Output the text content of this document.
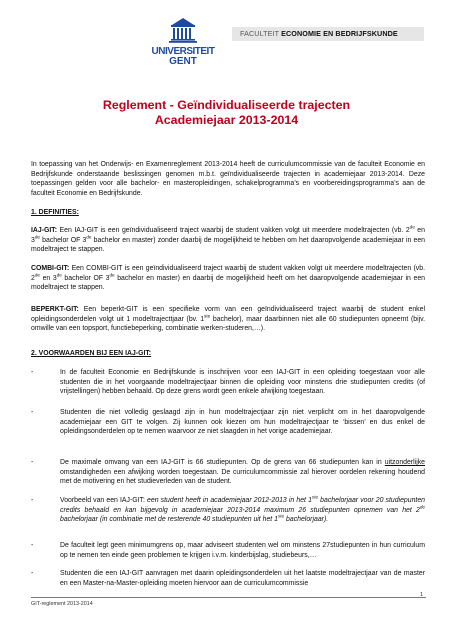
FACULTEIT ECONOMIE EN BEDRIJFSKUNDE
UNIVERSITEIT
GENT
Reglement - Geïndividualiseerde trajecten
Academiejaar 2013-2014
In toepassing van het Onderwijs- en Examenreglement 2013-2014 heeft de curriculumcommissie van de faculteit Economie en Bedrijfskunde onderstaande beslissingen genomen m.b.t. geïndividualiseerde trajecten in academiejaar 2013-2014. Deze toepassingen gelden voor alle bachelor- en masteropleidingen, schakelprogramma’s en voorbereidingsprogramma’s aan de faculteit Economie en Bedrijfskunde.
1. DEFINITIES:
IAJ-GIT: Een IAJ-GIT is een geïndividualiseerd traject waarbij de student vakken volgt uit meerdere modeltrajecten (vb. 2de en 3de bachelor OF 3de bachelor en master) zonder daarbij de mogelijkheid te hebben om het daaropvolgende academiejaar in een modeltraject te stappen.
COMBI-GIT: Een COMBI-GIT is een geïndividualiseerd traject waarbij de student vakken volgt uit meerdere modeltrajecten (vb. 2de en 3de bachelor OF 3de bachelor en master) en daarbij de mogelijkheid heeft om het daaropvolgende academiejaar in een modeltraject te stappen.
BEPERKT-GIT: Een beperkt-GIT is een specifieke vorm van een geïndividualiseerd traject waarbij de student enkel opleidingsonderdelen volgt uit 1 modeltrajecttjaar (bv. 1ste bachelor), maar daarbinnen niet alle 60 studiepunten opneemt (bijv. omwille van een topsport, functiebeperking, combinatie werken-studeren,…).
2. VOORWAARDEN BIJ EEN IAJ-GIT:
-	In de faculteit Economie en Bedrijfskunde is inschrijven voor een IAJ-GIT in een opleiding toegestaan voor alle studenten die in het voorgaande modeltrajectjaar binnen die opleiding voor minstens drie studiepunten credits (of vrijstellingen) hebben behaald. Op deze grens wordt geen enkele afwijking toegestaan.
-	Studenten die niet volledig geslaagd zijn in hun modeltrajectjaar zijn niet verplicht om in het daaropvolgende academiejaar een GIT te volgen. Zij kunnen ook kiezen om hun modeltrajectjaar te ‘bissen’ en dus enkel de opleidingsonderdelen op te nemen waarvoor ze niet slaagden in het vorige academiejaar.
-	De maximale omvang van een IAJ-GIT is 66 studiepunten. Op de grens van 66 studiepunten kan in uitzonderlijke omstandigheden een afwijking worden toegestaan. De curriculumcommissie zal hierover oordelen rekening houdend met de motivering en het studieverleden van de student.
-	Voorbeeld van een IAJ-GIT: een student heeft in academiejaar 2012-2013 in het 1ste bachelorjaar voor 20 studiepunten credits behaald en kan bijgevolg in academiejaar 2013-2014 maximum 26 studiepunten opnemen van het 2de bachelorjaar (in combinatie met de resterende 40 studiepunten uit het 1ste bachelorjaar).
-	De faculteit legt geen minimumgrens op, maar adviseert studenten wel om minstens 27studiepunten in hun curriculum op te nemen ten einde geen problemen te krijgen i.v.m. kinderbijslag, studiebeurs,…
-	Studenten die een IAJ-GIT aanvragen met daarin opleidingsonderdelen uit het laatste modeltrajectjaar van de master en een Master-na-Master-opleiding moeten hiervoor aan de curriculumcommissie
1
GIT-reglement 2013-2014
